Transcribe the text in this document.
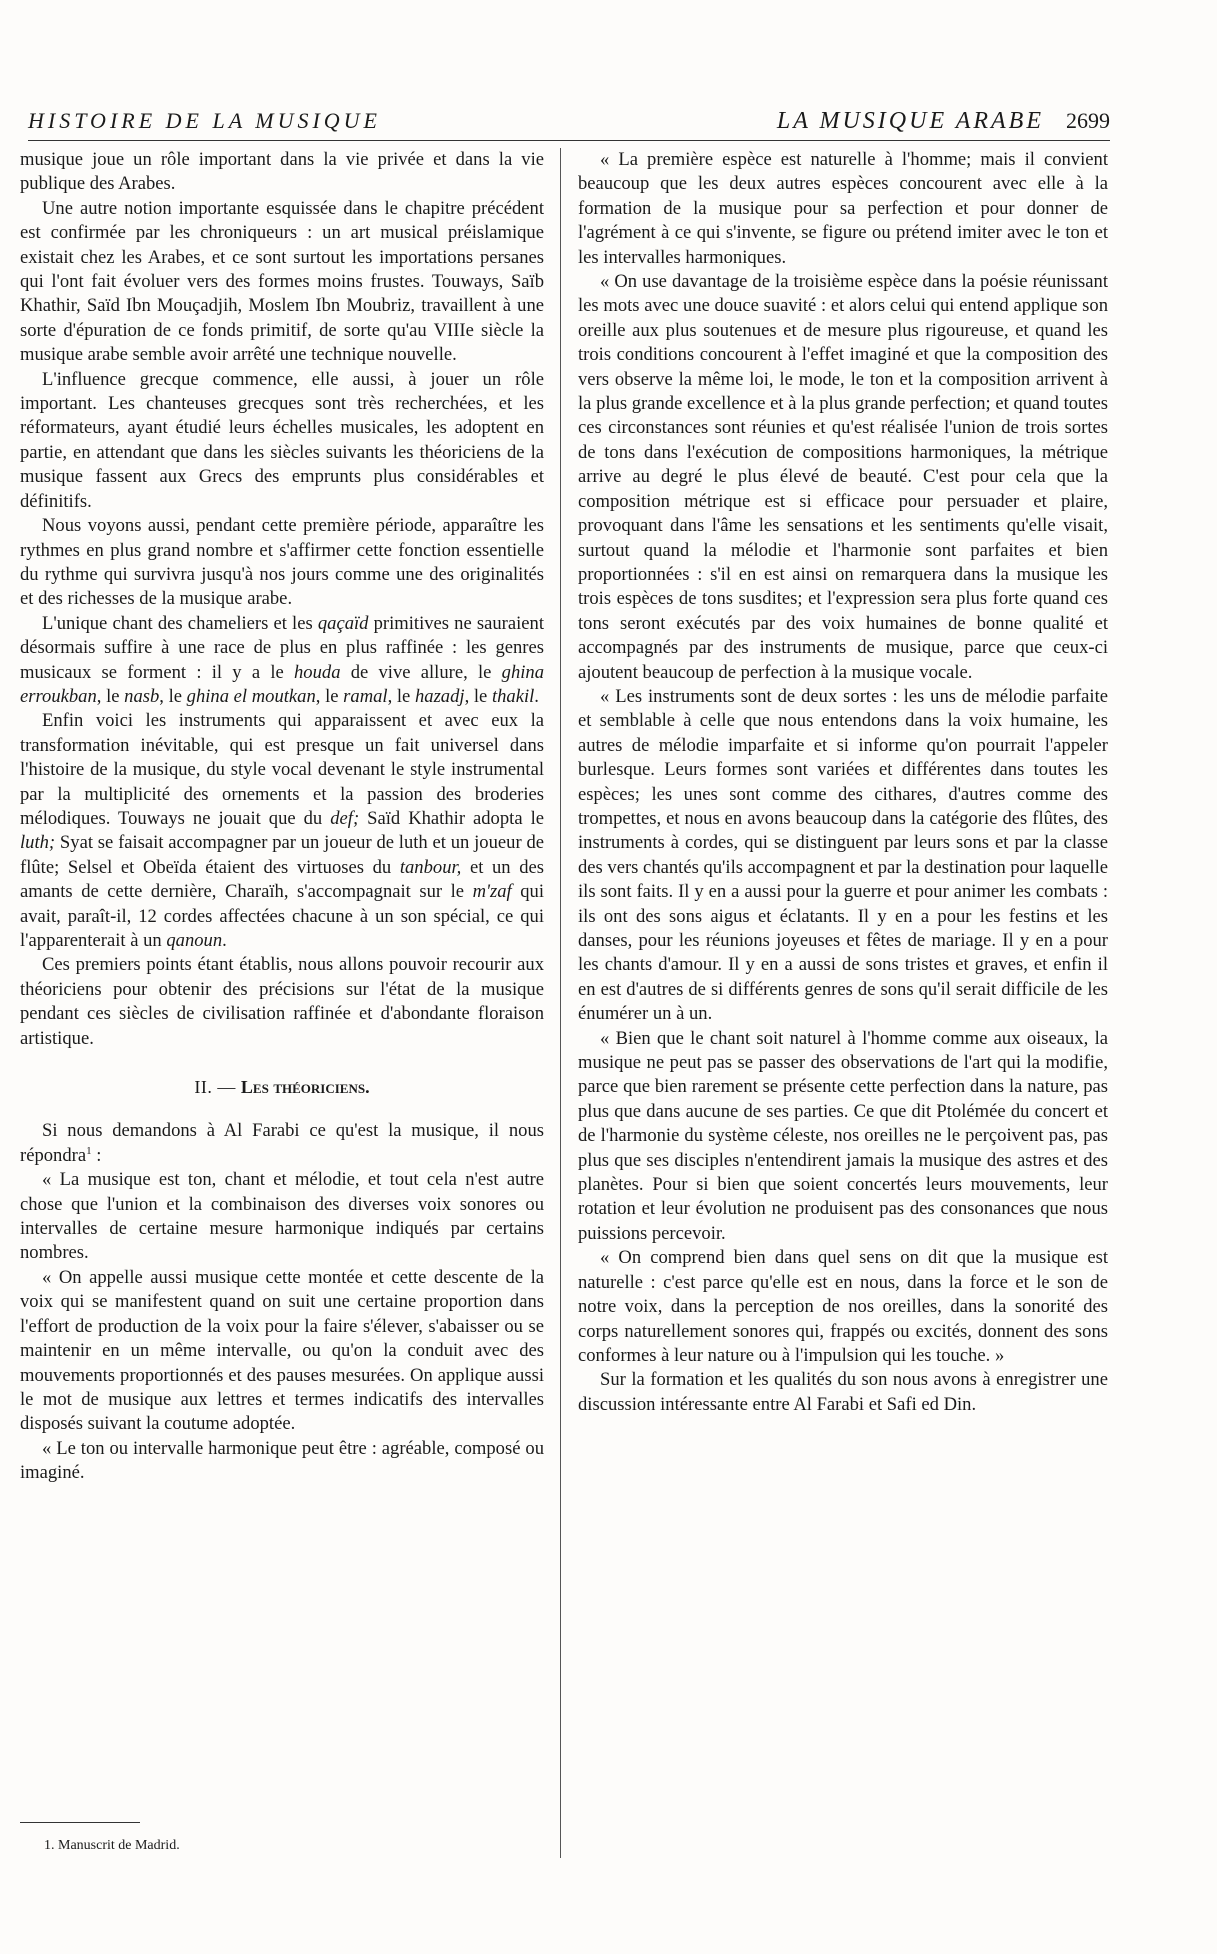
HISTOIRE DE LA MUSIQUE	LA MUSIQUE ARABE 2699

musique joue un rôle important dans la vie privée et dans la vie publique des Arabes.

Une autre notion importante esquissée dans le chapitre précédent est confirmée par les chroniqueurs : un art musical préislamique existait chez les Arabes, et ce sont surtout les importations persanes qui l'ont fait évoluer vers des formes moins frustes. Touways, Saïb Khathir, Saïd Ibn Mouçadjih, Moslem Ibn Moubriz, travaillent à une sorte d'épuration de ce fonds primitif, de sorte qu'au VIIIe siècle la musique arabe semble avoir arrêté une technique nouvelle.

L'influence grecque commence, elle aussi, à jouer un rôle important. Les chanteuses grecques sont très recherchées, et les réformateurs, ayant étudié leurs échelles musicales, les adoptent en partie, en attendant que dans les siècles suivants les théoriciens de la musique fassent aux Grecs des emprunts plus considérables et définitifs.

Nous voyons aussi, pendant cette première période, apparaître les rythmes en plus grand nombre et s'affirmer cette fonction essentielle du rythme qui survivra jusqu'à nos jours comme une des originalités et des richesses de la musique arabe.

L'unique chant des chameliers et les qaçaïd primitives ne sauraient désormais suffire à une race de plus en plus raffinée : les genres musicaux se forment : il y a le houda de vive allure, le ghina erroukban, le nasb, le ghina el moutkan, le ramal, le hazadj, le thakil.

Enfin voici les instruments qui apparaissent et avec eux la transformation inévitable, qui est presque un fait universel dans l'histoire de la musique, du style vocal devenant le style instrumental par la multiplicité des ornements et la passion des broderies mélodiques. Touways ne jouait que du def; Saïd Khathir adopta le luth; Syat se faisait accompagner par un joueur de luth et un joueur de flûte; Selsel et Obeïda étaient des virtuoses du tanbour, et un des amants de cette dernière, Charaïh, s'accompagnait sur le m'zaf qui avait, paraît-il, 12 cordes affectées chacune à un son spécial, ce qui l'apparenterait à un qanoun.

Ces premiers points étant établis, nous allons pouvoir recourir aux théoriciens pour obtenir des précisions sur l'état de la musique pendant ces siècles de civilisation raffinée et d'abondante floraison artistique.

II. — Les théoriciens.

Si nous demandons à Al Farabi ce qu'est la musique, il nous répondra$^1$ :

« La musique est ton, chant et mélodie, et tout cela n'est autre chose que l'union et la combinaison des diverses voix sonores ou intervalles de certaine mesure harmonique indiqués par certains nombres.

« On appelle aussi musique cette montée et cette descente de la voix qui se manifestent quand on suit une certaine proportion dans l'effort de production de la voix pour la faire s'élever, s'abaisser ou se maintenir en un même intervalle, ou qu'on la conduit avec des mouvements proportionnés et des pauses mesurées. On applique aussi le mot de musique aux lettres et termes indicatifs des intervalles disposés suivant la coutume adoptée.

« Le ton ou intervalle harmonique peut être : agréable, composé ou imaginé.

1. Manuscrit de Madrid.

« La première espèce est naturelle à l'homme; mais il convient beaucoup que les deux autres espèces concourent avec elle à la formation de la musique pour sa perfection et pour donner de l'agrément à ce qui s'invente, se figure ou prétend imiter avec le ton et les intervalles harmoniques.

« On use davantage de la troisième espèce dans la poésie réunissant les mots avec une douce suavité : et alors celui qui entend applique son oreille aux plus soutenues et de mesure plus rigoureuse, et quand les trois conditions concourent à l'effet imaginé et que la composition des vers observe la même loi, le mode, le ton et la composition arrivent à la plus grande excellence et à la plus grande perfection; et quand toutes ces circonstances sont réunies et qu'est réalisée l'union de trois sortes de tons dans l'exécution de compositions harmoniques, la métrique arrive au degré le plus élevé de beauté. C'est pour cela que la composition métrique est si efficace pour persuader et plaire, provoquant dans l'âme les sensations et les sentiments qu'elle visait, surtout quand la mélodie et l'harmonie sont parfaites et bien proportionnées : s'il en est ainsi on remarquera dans la musique les trois espèces de tons susdites; et l'expression sera plus forte quand ces tons seront exécutés par des voix humaines de bonne qualité et accompagnés par des instruments de musique, parce que ceux-ci ajoutent beaucoup de perfection à la musique vocale.

« Les instruments sont de deux sortes : les uns de mélodie parfaite et semblable à celle que nous entendons dans la voix humaine, les autres de mélodie imparfaite et si informe qu'on pourrait l'appeler burlesque. Leurs formes sont variées et différentes dans toutes les espèces; les unes sont comme des cithares, d'autres comme des trompettes, et nous en avons beaucoup dans la catégorie des flûtes, des instruments à cordes, qui se distinguent par leurs sons et par la classe des vers chantés qu'ils accompagnent et par la destination pour laquelle ils sont faits. Il y en a aussi pour la guerre et pour animer les combats : ils ont des sons aigus et éclatants. Il y en a pour les festins et les danses, pour les réunions joyeuses et fêtes de mariage. Il y en a pour les chants d'amour. Il y en a aussi de sons tristes et graves, et enfin il en est d'autres de si différents genres de sons qu'il serait difficile de les énumérer un à un.

« Bien que le chant soit naturel à l'homme comme aux oiseaux, la musique ne peut pas se passer des observations de l'art qui la modifie, parce que bien rarement se présente cette perfection dans la nature, pas plus que dans aucune de ses parties. Ce que dit Ptolémée du concert et de l'harmonie du système céleste, nos oreilles ne le perçoivent pas, pas plus que ses disciples n'entendirent jamais la musique des astres et des planètes. Pour si bien que soient concertés leurs mouvements, leur rotation et leur évolution ne produisent pas des consonances que nous puissions percevoir.

« On comprend bien dans quel sens on dit que la musique est naturelle : c'est parce qu'elle est en nous, dans la force et le son de notre voix, dans la perception de nos oreilles, dans la sonorité des corps naturellement sonores qui, frappés ou excités, donnent des sons conformes à leur nature ou à l'impulsion qui les touche. »

Sur la formation et les qualités du son nous avons à enregistrer une discussion intéressante entre Al Farabi et Safi ed Din.
